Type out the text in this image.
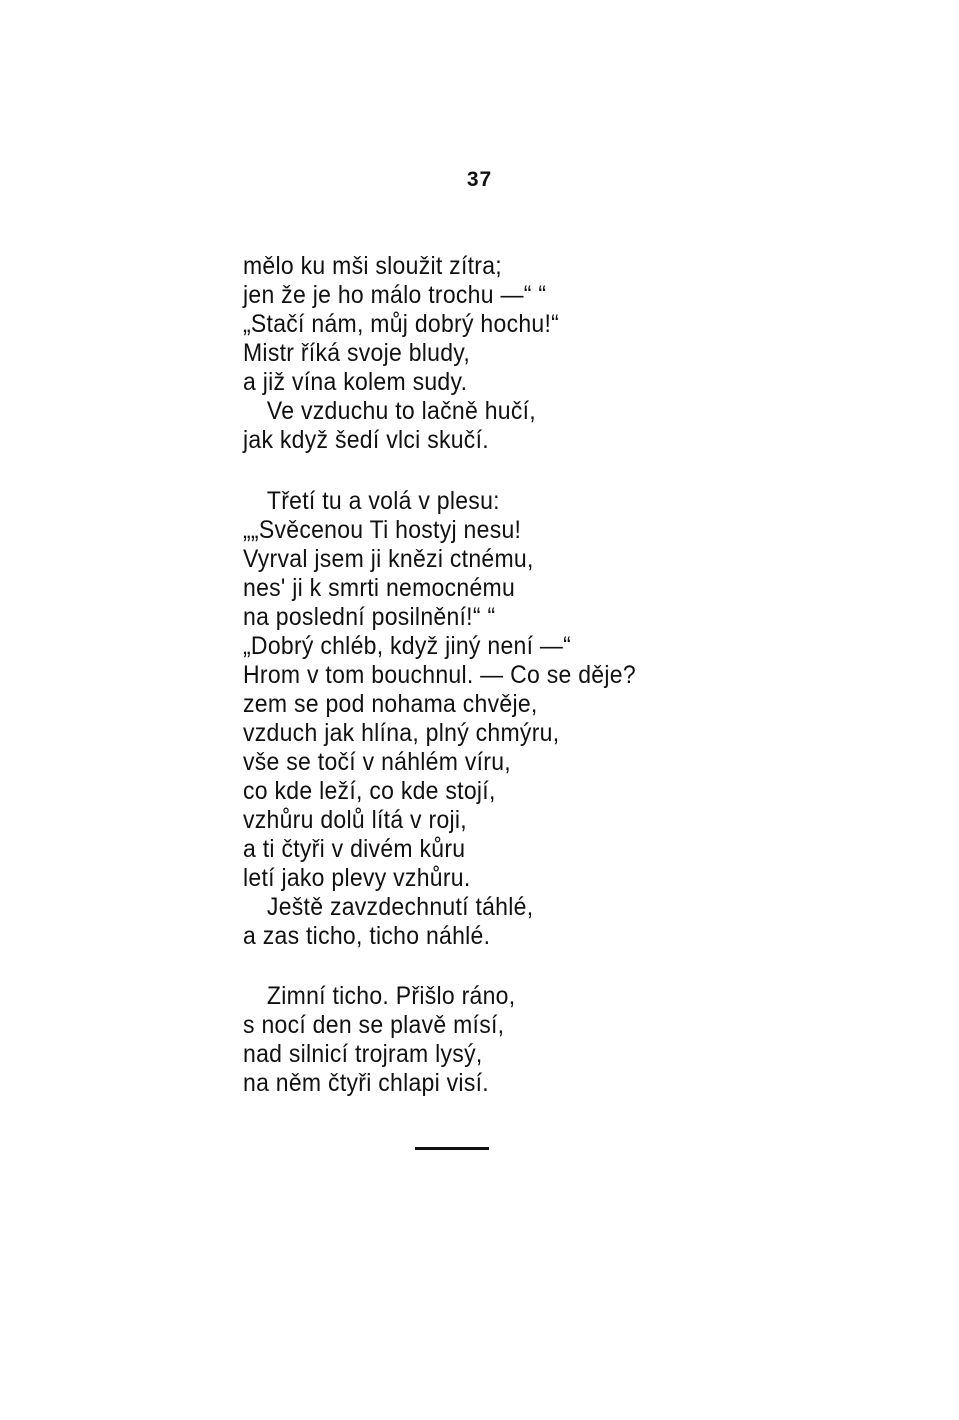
37
mělo ku mši sloužit zítra;
jen že je ho málo trochu —“ “
„Stačí nám, můj dobrý hochu!“
Mistr říká svoje bludy,
a již vína kolem sudy.
Ve vzduchu to lačně hučí,
jak když šedí vlci skučí.
Třetí tu a volá v plesu:
„„Svěcenou Ti hostyj nesu!
Vyrval jsem ji knězi ctnému,
nes' ji k smrti nemocnému
na poslední posilnění!“ “
„Dobrý chléb, když jiný není —“
Hrom v tom bouchnul. — Co se děje?
zem se pod nohama chvěje,
vzduch jak hlína, plný chmýru,
vše se točí v náhlém víru,
co kde leží, co kde stojí,
vzhůru dolů lítá v roji,
a ti čtyři v divém kůru
letí jako plevy vzhůru.
Ještě zavzdechnutí táhlé,
a zas ticho, ticho náhlé.
Zimní ticho. Přišlo ráno,
s nocí den se plavě mísí,
nad silnicí trojram lysý,
na něm čtyři chlapi visí.
